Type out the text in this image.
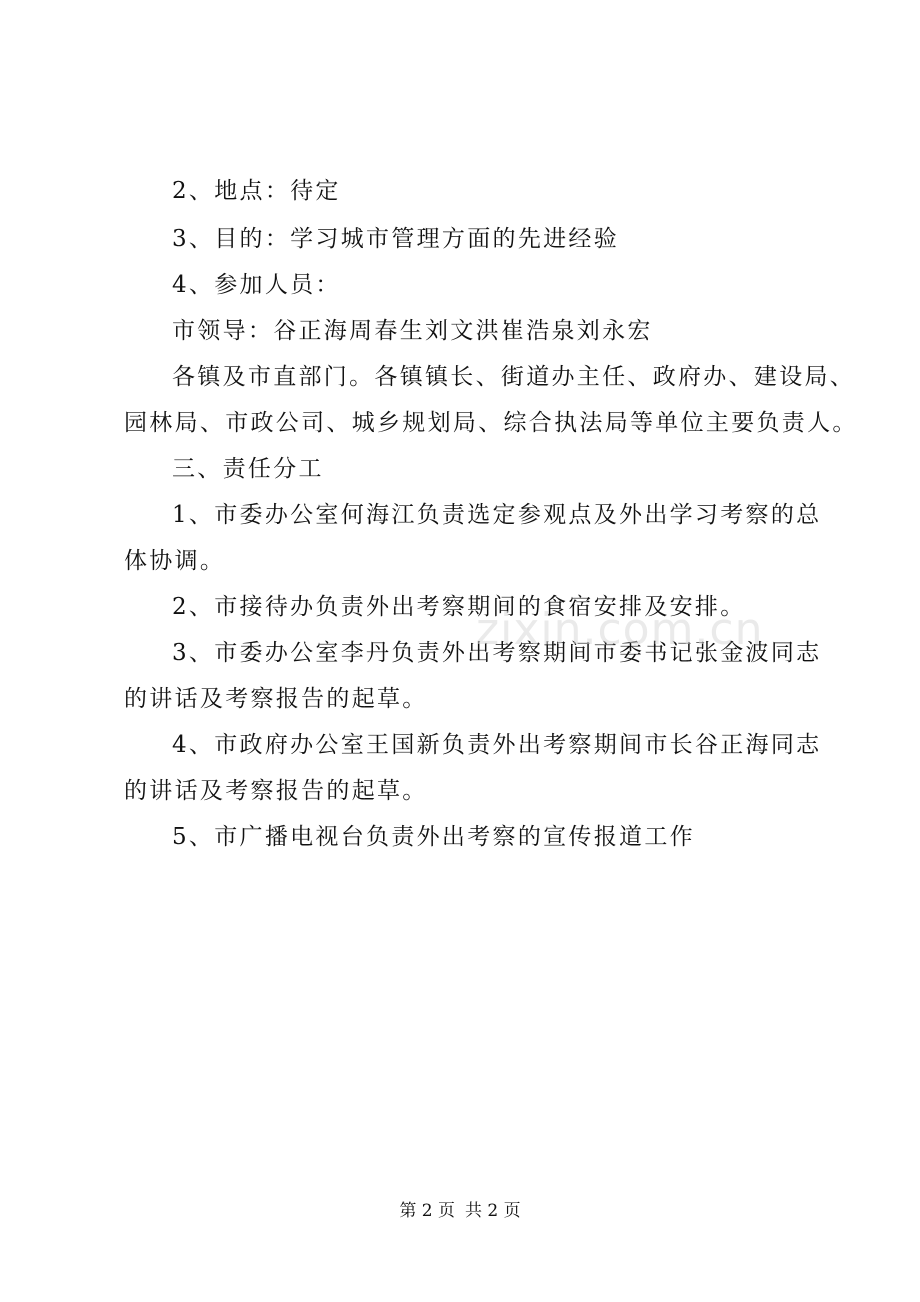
2、地点：待定
3、目的：学习城市管理方面的先进经验
4、参加人员：
市领导：谷正海周春生刘文洪崔浩泉刘永宏
各镇及市直部门。各镇镇长、街道办主任、政府办、建设局、
园林局、市政公司、城乡规划局、综合执法局等单位主要负责人。
三、责任分工
1、市委办公室何海江负责选定参观点及外出学习考察的总
体协调。
2、市接待办负责外出考察期间的食宿安排及安排。
3、市委办公室李丹负责外出考察期间市委书记张金波同志
的讲话及考察报告的起草。
4、市政府办公室王国新负责外出考察期间市长谷正海同志
的讲话及考察报告的起草。
5、市广播电视台负责外出考察的宣传报道工作
zixin.com.cn
第 2 页 共 2 页
